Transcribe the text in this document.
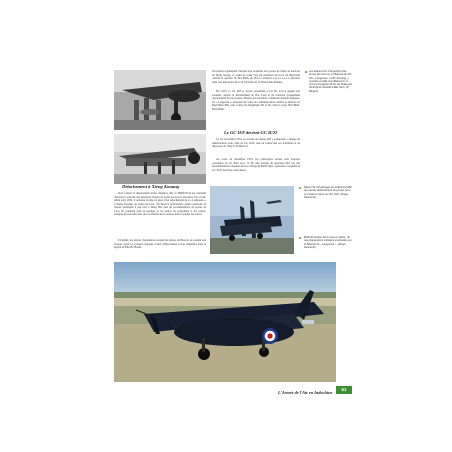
On observe également l'attaque aux roquettes des grottes de Tulei, au nord-est de Dong Xuong, et celles de Lang Son qui menaient un forcé un important combat le quartier de Doi Dinh, de l'Est et d'Orient. Les Le Le Le quartiers suite très important du et de l'Arrivée de la d'Indochine Bienne.

Fin 1953, le GC II/8 se trouve rassemblé à Cat Bi, d'où il appuie nos soutiens, depuis le détachement de Bac Lieu et un nouveau groupement opérationnel du nord-ouest. Malgré les nouvelles conditions météorologiques, les « Langouste » attaquent les voies de communication rebelles et directes de Dien Bien Phu, puis contre les Régiments 66 et 36, dans la zone Thai Binh-Nam Dinh.

◄ Les étapes d'un chargement des armes de bord sur un Bearcat du GC II/8 « Langouste » (Ulm Mouang, ) consiste à l'aide d'un Bearcat C.A. d'une compagnie de tirs de Kidaa par l'entreprise Société à Bac Ninh. (P. Bergon)

Le GC II/8 devient GC II/22

Le 1er novembre 1953, le Groupe de chasse II/8 « Langouste » change de numérotation pour celle de GC II/22, tout en conservant ses traditions et en disposant de vingt et un Bearcat.

Au cours de décembre 1953, les principales sorties sont toujours consenties au Sé delta avec, le 26, une attaque de quarante FAF sur des rassemblements ennemis dans le village de Banh Ngoc, opération à laquelle le GC II/22 participe activement.

Détachement à Xieng Kouang

Pour contrer le déploiement d'une offensive viêt, le MRM Nord est contraint d'assurer la priorité aux missions d'appui au profit des forces terrestres. De ce fait, début avril 1954, il ordonne la mise en place d'un détachement de 4 « Langouste » à Xieng Kouang, au centre du Laos. Six Bearcat permanents, quatre appareils de chasse quadruple à son tour à Dong Hai puis un reconnaissance de postes au Laos. Ils prennent soin de protéger et de rentrer les patrouilles et les contre-attaques et pour effectuer des reconnaissances armées dans la plaine des Jarres.

En juillet, les pilotes d'opérations partent les pilotes de Bearcat en soutien aux troupes ayant les groupes engagés contre d'importantes forces ennemies dans la région de Phu Ho Baum.

◄ Retour de Vol-pilotage sur le Bearcat F8F du premier détachement de groupe pour un travail et retour au GC II/22. (Roger Descamb)

◄ Belle illustration de la mise en alerte, de ces préparations militaires employées sur le Bearcat de « Langouste ». (Roger Descamb)

L'Armée de l'Air en Indochine
61
